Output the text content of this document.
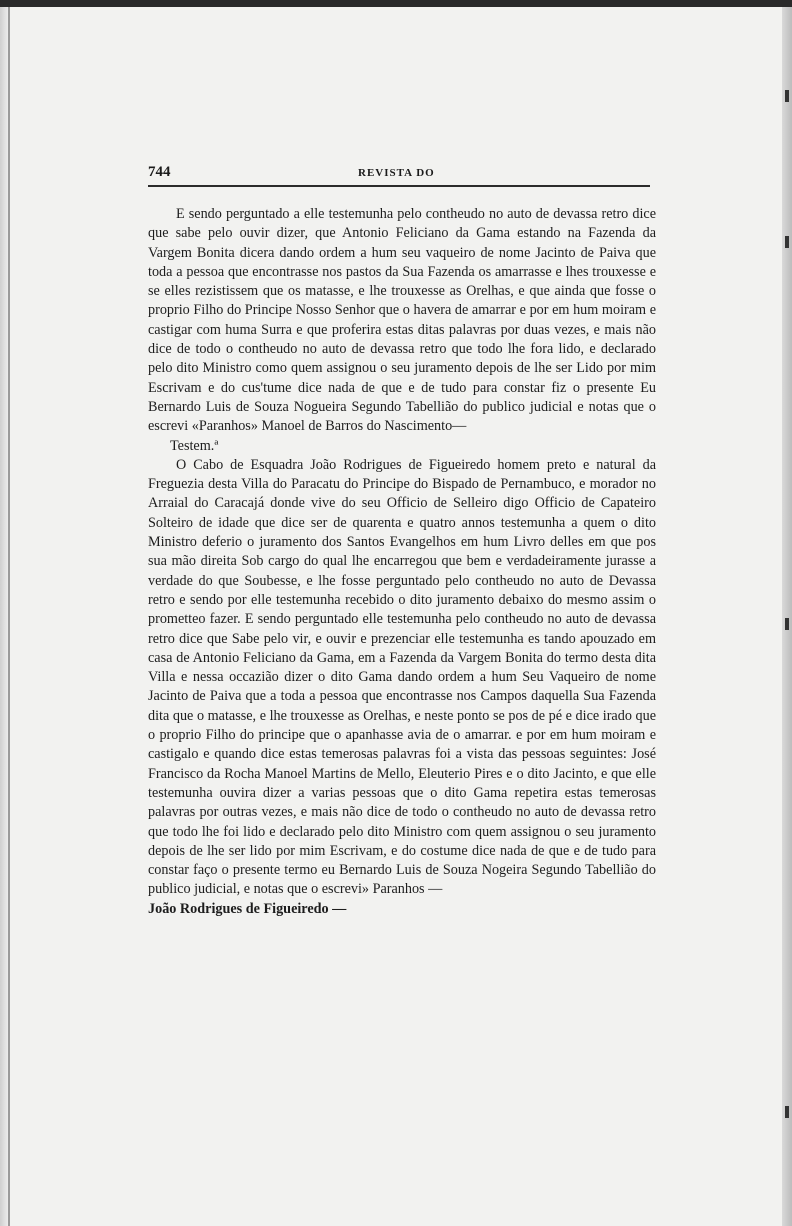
744	REVISTA DO

E sendo perguntado a elle testemunha pelo contheudo no auto de devassa retro dice que sabe pelo ouvir dizer, que Antonio Feliciano da Gama estando na Fazenda da Vargem Bonita dicera dando ordem a hum seu vaqueiro de nome Jacinto de Paiva que toda a pessoa que encontrasse nos pastos da Sua Fazenda os amarrasse e lhes trouxesse e se elles rezistissem que os matasse, e lhe trouxesse as Orelhas, e que ainda que fosse o proprio Filho do Principe Nosso Senhor que o havera de amarrar e por em hum moiram e castigar com huma Surra e que proferira estas ditas palavras por duas vezes, e mais não dice de todo o contheudo no auto de devassa retro que todo lhe fora lido, e declarado pelo dito Ministro como quem assignou o seu juramento depois de lhe ser Lido por mim Escrivam e do cus'tume dice nada de que e de tudo para constar fiz o presente Eu Bernardo Luis de Souza Nogueira Segundo Tabellião do publico judicial e notas que o escrevi «Paranhos» Manoel de Barros do Nascimento—

Testem.ª

O Cabo de Esquadra João Rodrigues de Figueiredo homem preto e natural da Freguezia desta Villa do Paracatu do Principe do Bispado de Pernambuco, e morador no Arraial do Caracajá donde vive do seu Officio de Selleiro digo Officio de Capateiro Solteiro de idade que dice ser de quarenta e quatro annos testemunha a quem o dito Ministro deferio o juramento dos Santos Evangelhos em hum Livro delles em que pos sua mão direita Sob cargo do qual lhe encarregou que bem e verdadeiramente jurasse a verdade do que Soubesse, e lhe fosse perguntado pelo contheudo no auto de Devassa retro e sendo por elle testemunha recebido o dito juramento debaixo do mesmo assim o prometteo fazer. E sendo perguntado elle testemunha pelo contheudo no auto de devassa retro dice que Sabe pelo vir, e ouvir e prezenciar elle testemunha es tando apouzado em casa de Antonio Feliciano da Gama, em a Fazenda da Vargem Bonita do termo desta dita Villa e nessa occazião dizer o dito Gama dando ordem a hum Seu Vaqueiro de nome Jacinto de Paiva que a toda a pessoa que encontrasse nos Campos daquella Sua Fazenda dita que o matasse, e lhe trouxesse as Orelhas, e neste ponto se pos de pé e dice irado que o proprio Filho do principe que o apanhasse avia de o amarrar. e por em hum moiram e castigalo e quando dice estas temerosas palavras foi a vista das pessoas seguintes: José Francisco da Rocha Manoel Martins de Mello, Eleuterio Pires e o dito Jacinto, e que elle testemunha ouvira dizer a varias pessoas que o dito Gama repetira estas temerosas palavras por outras vezes, e mais não dice de todo o contheudo no auto de devassa retro que todo lhe foi lido e declarado pelo dito Ministro com quem assignou o seu juramento depois de lhe ser lido por mim Escrivam, e do costume dice nada de que e de tudo para constar faço o presente termo eu Bernardo Luis de Souza Nogeira Segundo Tabellião do publico judicial, e notas que o escrevi» Paranhos —

João Rodrigues de Figueiredo —
